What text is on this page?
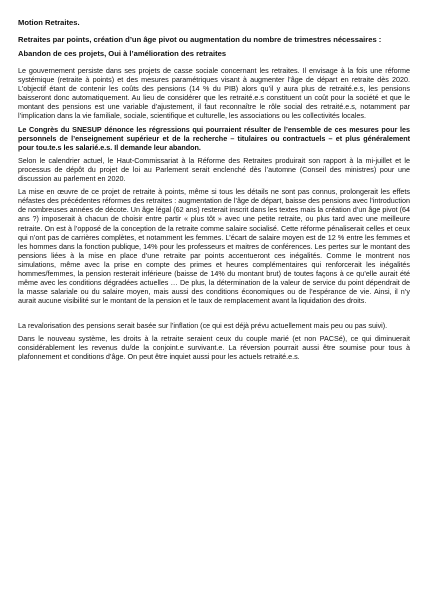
Motion Retraites.

Retraites par points, création d’un âge pivot ou augmentation du nombre de trimestres nécessaires :

Abandon de ces projets, Oui à l’amélioration des retraites

Le gouvernement persiste dans ses projets de casse sociale concernant les retraites. Il envisage à la fois une réforme systémique (retraite à points) et des mesures paramétriques visant à augmenter l’âge de départ en retraite dès 2020. L’objectif étant de contenir les coûts des pensions (14 % du PIB) alors qu’il y aura plus de retraité.e.s, les pensions baisseront donc automatiquement. Au lieu de considérer que les retraité.e.s constituent un coût pour la société et que le montant des pensions est une variable d’ajustement, il faut reconnaître le rôle social des retraité.e.s, notamment par l’implication dans la vie familiale, sociale, scientifique et culturelle, les associations ou les collectivités locales.

Le Congrès du SNESUP dénonce les régressions qui pourraient résulter de l’ensemble de ces mesures pour les personnels de l’enseignement supérieur et de la recherche – titulaires ou contractuels – et plus généralement pour tou.te.s les salarié.e.s. Il demande leur abandon.

Selon le calendrier actuel, le Haut-Commissariat à la Réforme des Retraites produirait son rapport à la mi-juillet et le processus de dépôt du projet de loi au Parlement serait enclenché dès l’automne (Conseil des ministres) pour une discussion au parlement en 2020.

La mise en œuvre de ce projet de retraite à points, même si tous les détails ne sont pas connus, prolongerait les effets néfastes des précédentes réformes des retraites : augmentation de l’âge de départ, baisse des pensions avec l’introduction de nombreuses années de décote. Un âge légal (62 ans) resterait inscrit dans les textes mais la création d’un âge pivot (64 ans ?) imposerait à chacun de choisir entre partir « plus tôt » avec une petite retraite, ou plus tard avec une meilleure retraite. On est à l’opposé de la conception de la retraite comme salaire socialisé. Cette réforme pénaliserait celles et ceux qui n’ont pas de carrières complètes, et notamment les femmes. L’écart de salaire moyen est de 12 % entre les femmes et les hommes dans la fonction publique, 14% pour les professeurs et maitres de conférences. Les pertes sur le montant des pensions liées à la mise en place d’une retraite par points accentueront ces inégalités. Comme le montrent nos simulations, même avec la prise en compte des primes et heures complémentaires qui renforcerait les inégalités hommes/femmes, la pension resterait inférieure (baisse de 14% du montant brut) de toutes façons à ce qu’elle aurait été même avec les conditions dégradées actuelles … De plus, la détermination de la valeur de service du point dépendrait de la masse salariale ou du salaire moyen, mais aussi des conditions économiques ou de l’espérance de vie. Ainsi, il n’y aurait aucune visibilité sur le montant de la pension et le taux de remplacement avant la liquidation des droits.

La revalorisation des pensions serait basée sur l’inflation (ce qui est déjà prévu actuellement mais peu ou pas suivi).

Dans le nouveau système, les droits à la retraite seraient ceux du couple marié (et non PACSé), ce qui diminuerait considérablement les revenus du/de la conjoint.e survivant.e. La réversion pourrait aussi être soumise pour tous à plafonnement et conditions d’âge. On peut être inquiet aussi pour les actuels retraité.e.s.
